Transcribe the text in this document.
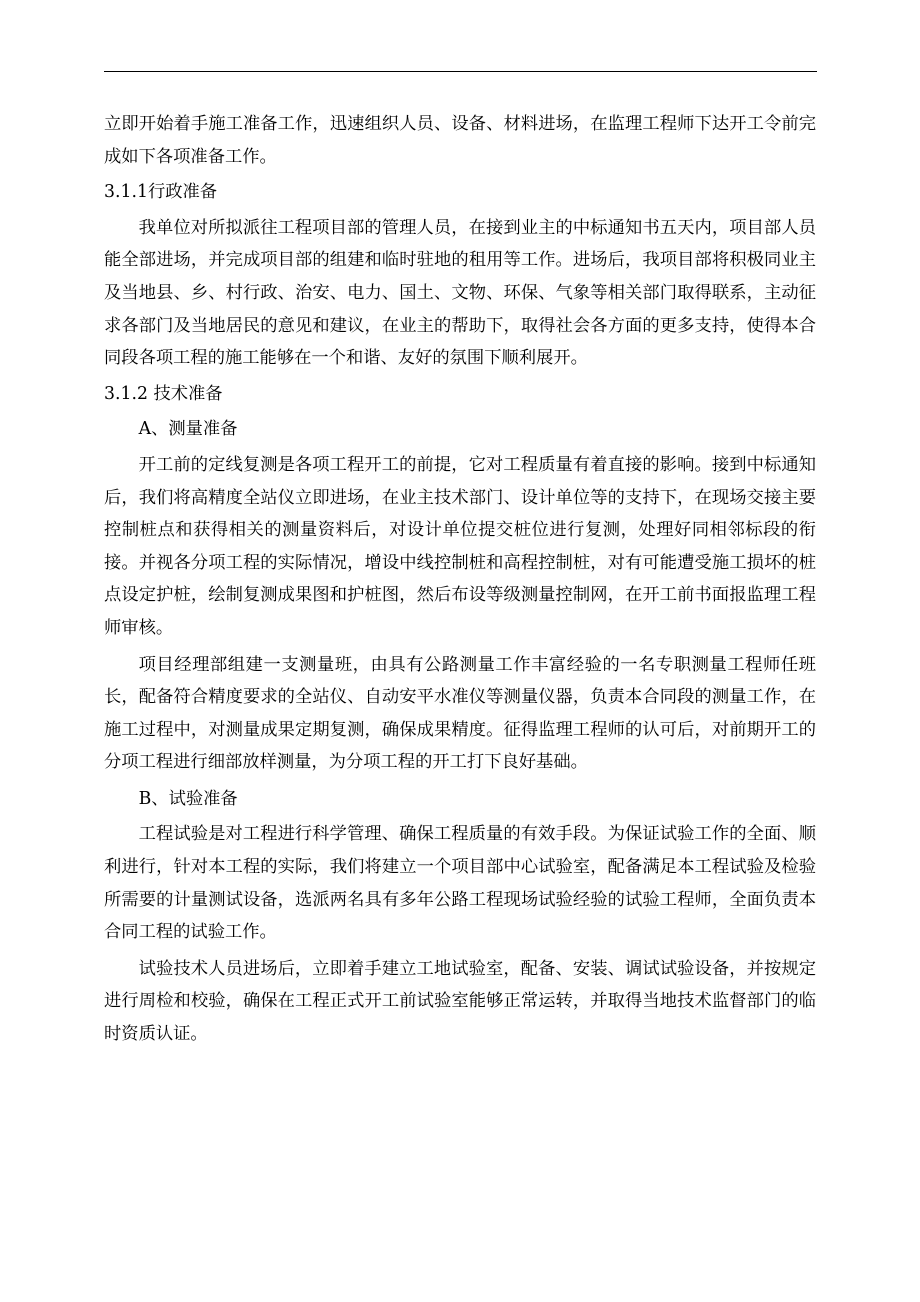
立即开始着手施工准备工作，迅速组织人员、设备、材料进场，在监理工程师下达开工令前完成如下各项准备工作。

3.1.1行政准备

我单位对所拟派往工程项目部的管理人员，在接到业主的中标通知书五天内，项目部人员能全部进场，并完成项目部的组建和临时驻地的租用等工作。进场后，我项目部将积极同业主及当地县、乡、村行政、治安、电力、国土、文物、环保、气象等相关部门取得联系，主动征求各部门及当地居民的意见和建议，在业主的帮助下，取得社会各方面的更多支持，使得本合同段各项工程的施工能够在一个和谐、友好的氛围下顺利展开。

3.1.2 技术准备

A、测量准备

开工前的定线复测是各项工程开工的前提，它对工程质量有着直接的影响。接到中标通知后，我们将高精度全站仪立即进场，在业主技术部门、设计单位等的支持下，在现场交接主要控制桩点和获得相关的测量资料后，对设计单位提交桩位进行复测，处理好同相邻标段的衔接。并视各分项工程的实际情况，增设中线控制桩和高程控制桩，对有可能遭受施工损坏的桩点设定护桩，绘制复测成果图和护桩图，然后布设等级测量控制网，在开工前书面报监理工程师审核。

项目经理部组建一支测量班，由具有公路测量工作丰富经验的一名专职测量工程师任班长，配备符合精度要求的全站仪、自动安平水准仪等测量仪器，负责本合同段的测量工作，在施工过程中，对测量成果定期复测，确保成果精度。征得监理工程师的认可后，对前期开工的分项工程进行细部放样测量，为分项工程的开工打下良好基础。

B、试验准备

工程试验是对工程进行科学管理、确保工程质量的有效手段。为保证试验工作的全面、顺利进行，针对本工程的实际，我们将建立一个项目部中心试验室，配备满足本工程试验及检验所需要的计量测试设备，选派两名具有多年公路工程现场试验经验的试验工程师，全面负责本合同工程的试验工作。

试验技术人员进场后，立即着手建立工地试验室，配备、安装、调试试验设备，并按规定进行周检和校验，确保在工程正式开工前试验室能够正常运转，并取得当地技术监督部门的临时资质认证。
